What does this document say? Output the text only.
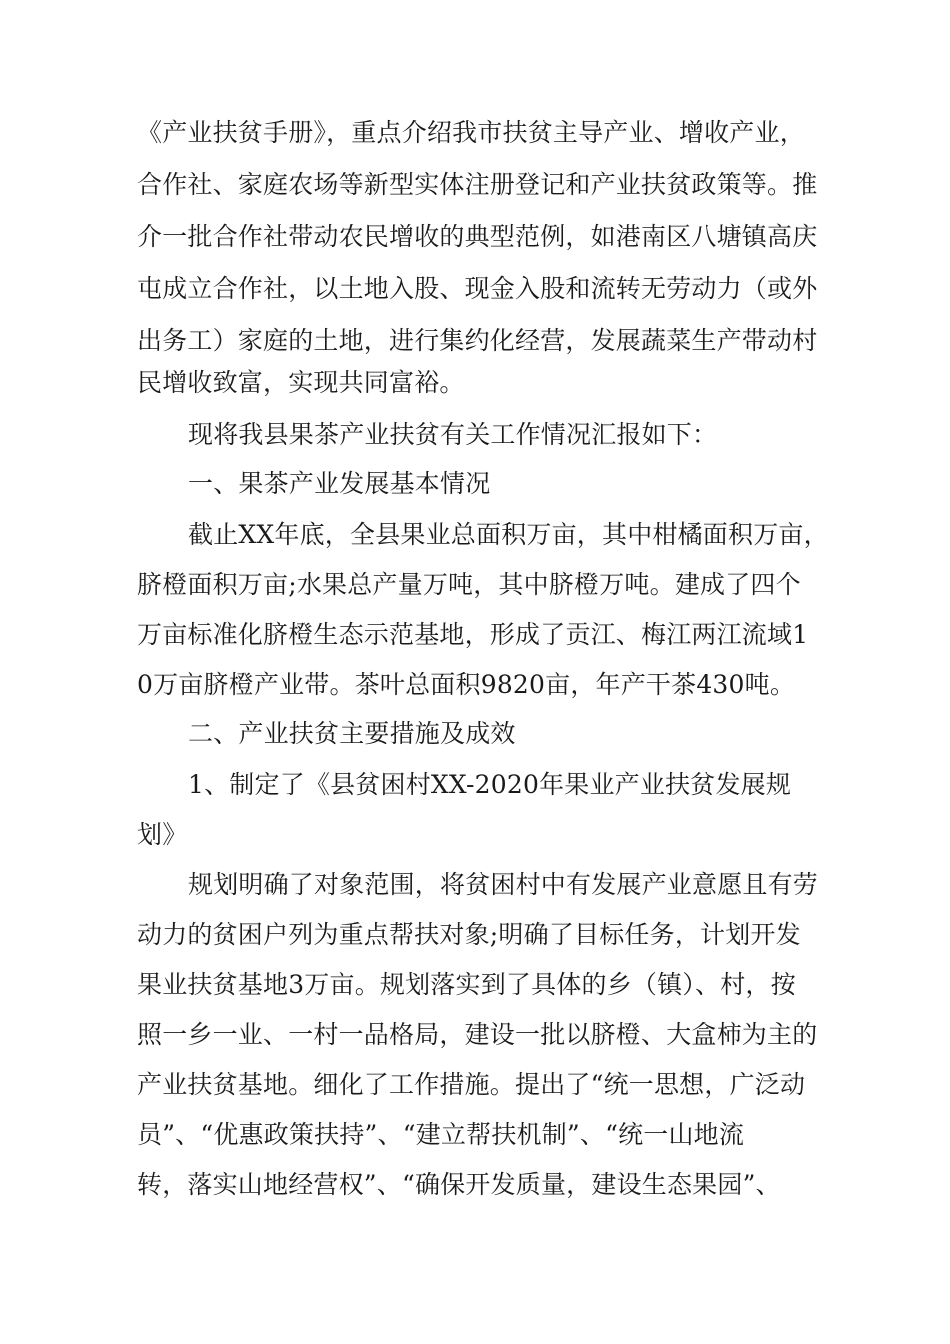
《产业扶贫手册》，重点介绍我市扶贫主导产业、增收产业，
合作社、家庭农场等新型实体注册登记和产业扶贫政策等。推
介一批合作社带动农民增收的典型范例，如港南区八塘镇高庆
屯成立合作社，以土地入股、现金入股和流转无劳动力（或外
出务工）家庭的土地，进行集约化经营，发展蔬菜生产带动村
民增收致富，实现共同富裕。
现将我县果茶产业扶贫有关工作情况汇报如下：
一、果茶产业发展基本情况
截止XX年底，全县果业总面积万亩，其中柑橘面积万亩，
脐橙面积万亩;水果总产量万吨，其中脐橙万吨。建成了四个
万亩标准化脐橙生态示范基地，形成了贡江、梅江两江流域1
0万亩脐橙产业带。茶叶总面积9820亩，年产干茶430吨。
二、产业扶贫主要措施及成效
1、制定了《县贫困村XX-2020年果业产业扶贫发展规
划》
规划明确了对象范围，将贫困村中有发展产业意愿且有劳
动力的贫困户列为重点帮扶对象;明确了目标任务，计划开发
果业扶贫基地3万亩。规划落实到了具体的乡（镇）、村，按
照一乡一业、一村一品格局，建设一批以脐橙、大盒柿为主的
产业扶贫基地。细化了工作措施。提出了“统一思想，广泛动
员”、“优惠政策扶持”、“建立帮扶机制”、“统一山地流
转，落实山地经营权”、“确保开发质量，建设生态果园”、
